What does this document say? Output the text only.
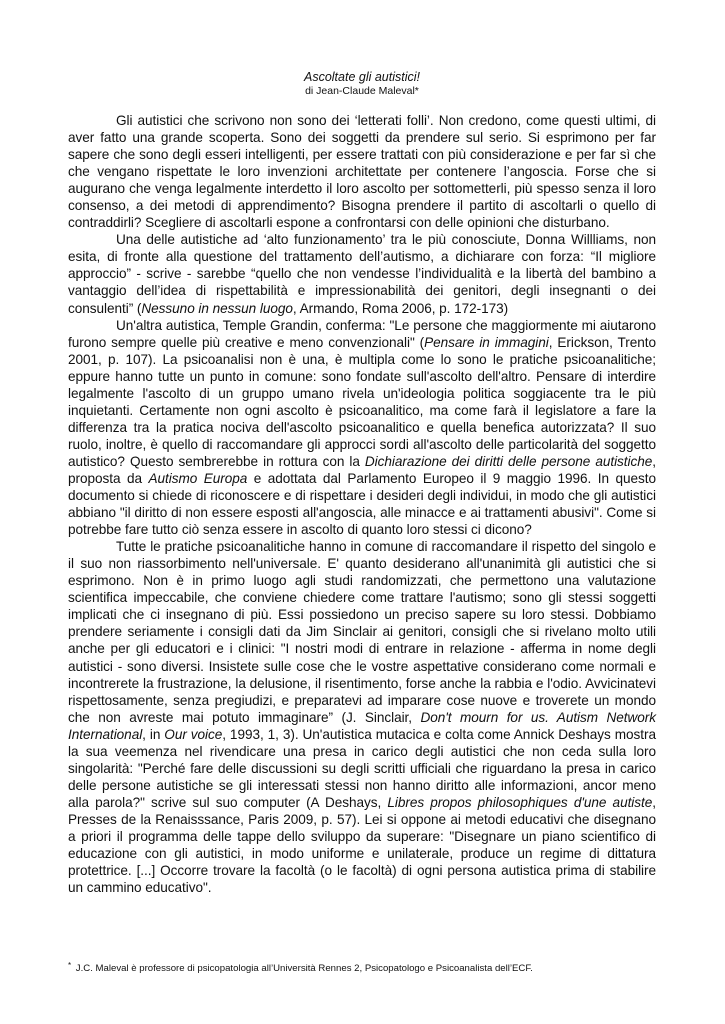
Ascoltate gli autistici!

di Jean-Claude Maleval*

Gli autistici che scrivono non sono dei ‘letterati folli’. Non credono, come questi ultimi, di aver fatto una grande scoperta. Sono dei soggetti da prendere sul serio. Si esprimono per far sapere che sono degli esseri intelligenti, per essere trattati con più considerazione e per far sì che che vengano rispettate le loro invenzioni architettate per contenere l’angoscia. Forse che si augurano che venga legalmente interdetto il loro ascolto per sottometterli, più spesso senza il loro consenso, a dei metodi di apprendimento? Bisogna prendere il partito di ascoltarli o quello di contraddirli? Scegliere di ascoltarli espone a confrontarsi con delle opinioni che disturbano.

Una delle autistiche ad ‘alto funzionamento’ tra le più conosciute, Donna Willliams, non esita, di fronte alla questione del trattamento dell’autismo, a dichiarare con forza: “Il migliore approccio” - scrive - sarebbe “quello che non vendesse l’individualità e la libertà del bambino a vantaggio dell’idea di rispettabilità e impressionabilità dei genitori, degli insegnanti o dei consulenti” (Nessuno in nessun luogo, Armando, Roma 2006, p. 172-173)

Un'altra autistica, Temple Grandin, conferma: "Le persone che maggiormente mi aiutarono furono sempre quelle più creative e meno convenzionali" (Pensare in immagini, Erickson, Trento 2001, p. 107). La psicoanalisi non è una, è multipla come lo sono le pratiche psicoanalitiche; eppure hanno tutte un punto in comune: sono fondate sull'ascolto dell'altro. Pensare di interdire legalmente l'ascolto di un gruppo umano rivela un'ideologia politica soggiacente tra le più inquietanti. Certamente non ogni ascolto è psicoanalitico, ma come farà il legislatore a fare la differenza tra la pratica nociva dell'ascolto psicoanalitico e quella benefica autorizzata? Il suo ruolo, inoltre, è quello di raccomandare gli approcci sordi all'ascolto delle particolarità del soggetto autistico? Questo sembrerebbe in rottura con la Dichiarazione dei diritti delle persone autistiche, proposta da Autismo Europa e adottata dal Parlamento Europeo il 9 maggio 1996. In questo documento si chiede di riconoscere e di rispettare i desideri degli individui, in modo che gli autistici abbiano "il diritto di non essere esposti all'angoscia, alle minacce e ai trattamenti abusivi". Come si potrebbe fare tutto ciò senza essere in ascolto di quanto loro stessi ci dicono?

Tutte le pratiche psicoanalitiche hanno in comune di raccomandare il rispetto del singolo e il suo non riassorbimento nell'universale. E' quanto desiderano all'unanimità gli autistici che si esprimono. Non è in primo luogo agli studi randomizzati, che permettono una valutazione scientifica impeccabile, che conviene chiedere come trattare l'autismo; sono gli stessi soggetti implicati che ci insegnano di più. Essi possiedono un preciso sapere su loro stessi. Dobbiamo prendere seriamente i consigli dati da Jim Sinclair ai genitori, consigli che si rivelano molto utili anche per gli educatori e i clinici: "I nostri modi di entrare in relazione - afferma in nome degli autistici - sono diversi. Insistete sulle cose che le vostre aspettative considerano come normali e incontrerete la frustrazione, la delusione, il risentimento, forse anche la rabbia e l'odio. Avvicinatevi rispettosamente, senza pregiudizi, e preparatevi ad imparare cose nuove e troverete un mondo che non avreste mai potuto immaginare” (J. Sinclair, Don't mourn for us. Autism Network International, in Our voice, 1993, 1, 3). Un'autistica mutacica e colta come Annick Deshays mostra la sua veemenza nel rivendicare una presa in carico degli autistici che non ceda sulla loro singolarità: "Perché fare delle discussioni su degli scritti ufficiali che riguardano la presa in carico delle persone autistiche se gli interessati stessi non hanno diritto alle informazioni, ancor meno alla parola?" scrive sul suo computer (A Deshays, Libres propos philosophiques d'une autiste, Presses de la Renaisssance, Paris 2009, p. 57). Lei si oppone ai metodi educativi che disegnano a priori il programma delle tappe dello sviluppo da superare: "Disegnare un piano scientifico di educazione con gli autistici, in modo uniforme e unilaterale, produce un regime di dittatura protettrice. [...] Occorre trovare la facoltà (o le facoltà) di ogni persona autistica prima di stabilire un cammino educativo".

* J.C. Maleval è professore di psicopatologia all’Università Rennes 2, Psicopatologo e Psicoanalista dell’ECF.
